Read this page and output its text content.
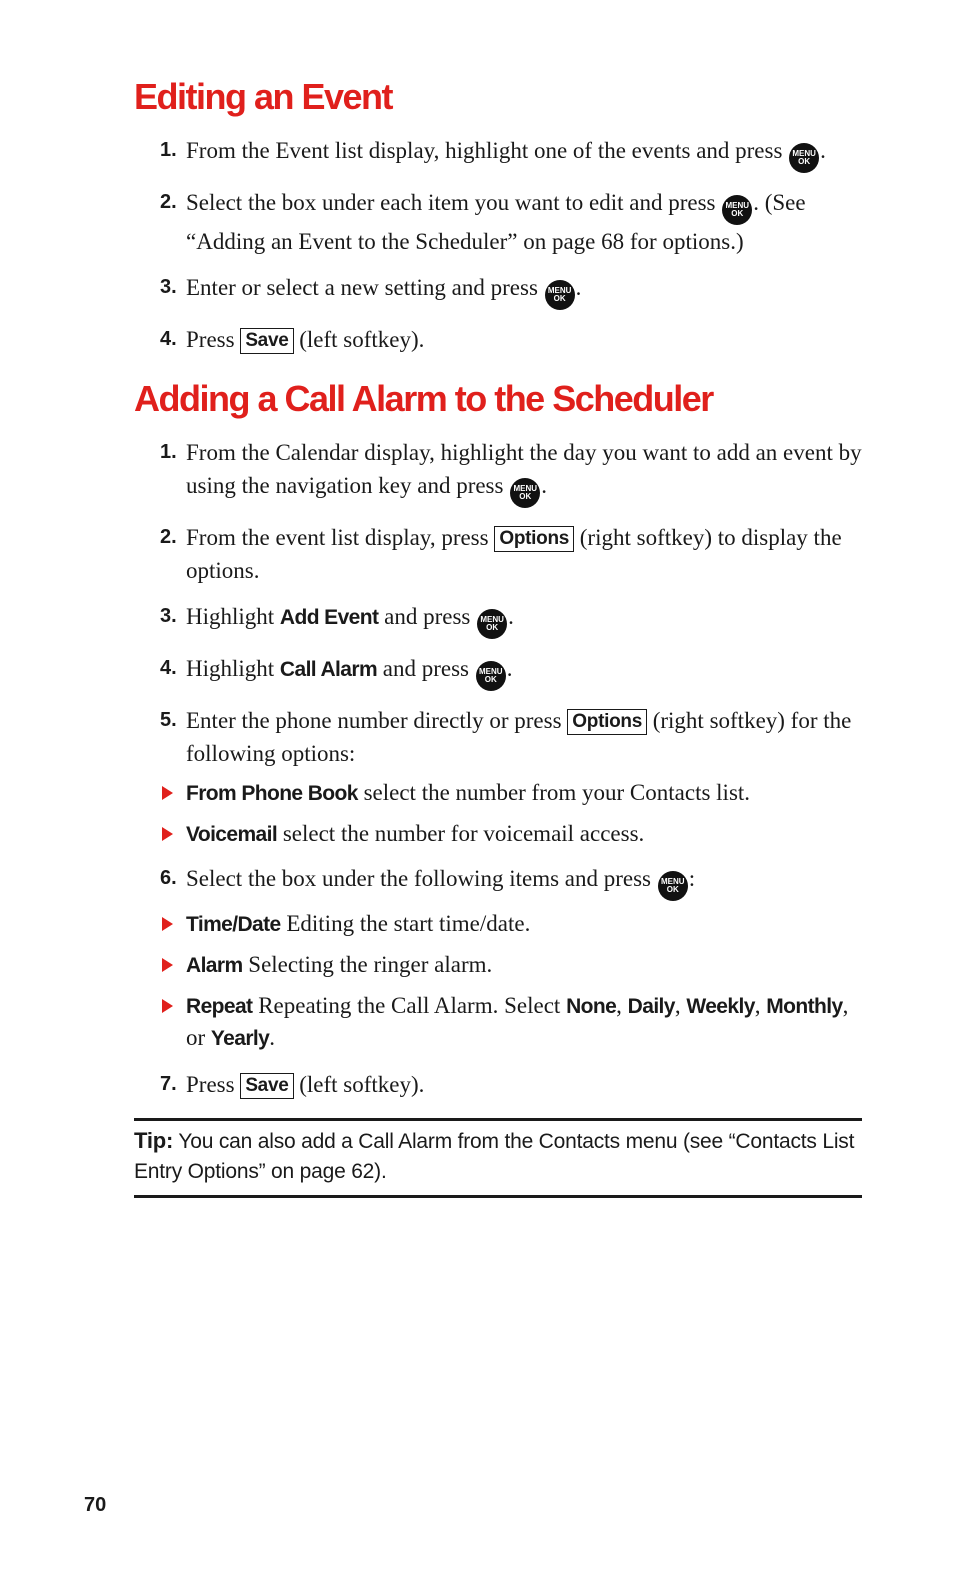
Editing an Event
1. From the Event list display, highlight one of the events and press MENU
OK .
2. Select the box under each item you want to edit and press MENU
OK . (See “Adding an Event to the Scheduler” on page 68 for options.)
3. Enter or select a new setting and press MENU
OK .
4. Press Save (left softkey).
Adding a Call Alarm to the Scheduler
1. From the Calendar display, highlight the day you want to add an event by using the navigation key and press MENU
OK .
2. From the event list display, press Options (right softkey) to display the options.
3. Highlight Add Event and press MENU
OK .
4. Highlight Call Alarm and press MENU
OK .
5. Enter the phone number directly or press Options (right softkey) for the following options:
From Phone Book select the number from your Contacts list.
Voicemail select the number for voicemail access.
6. Select the box under the following items and press MENU
OK :
Time/Date Editing the start time/date.
Alarm Selecting the ringer alarm.
Repeat Repeating the Call Alarm. Select None, Daily, Weekly, Monthly, or Yearly.
7. Press Save (left softkey).
Tip: You can also add a Call Alarm from the Contacts menu (see “Contacts List Entry Options” on page 62).
70
